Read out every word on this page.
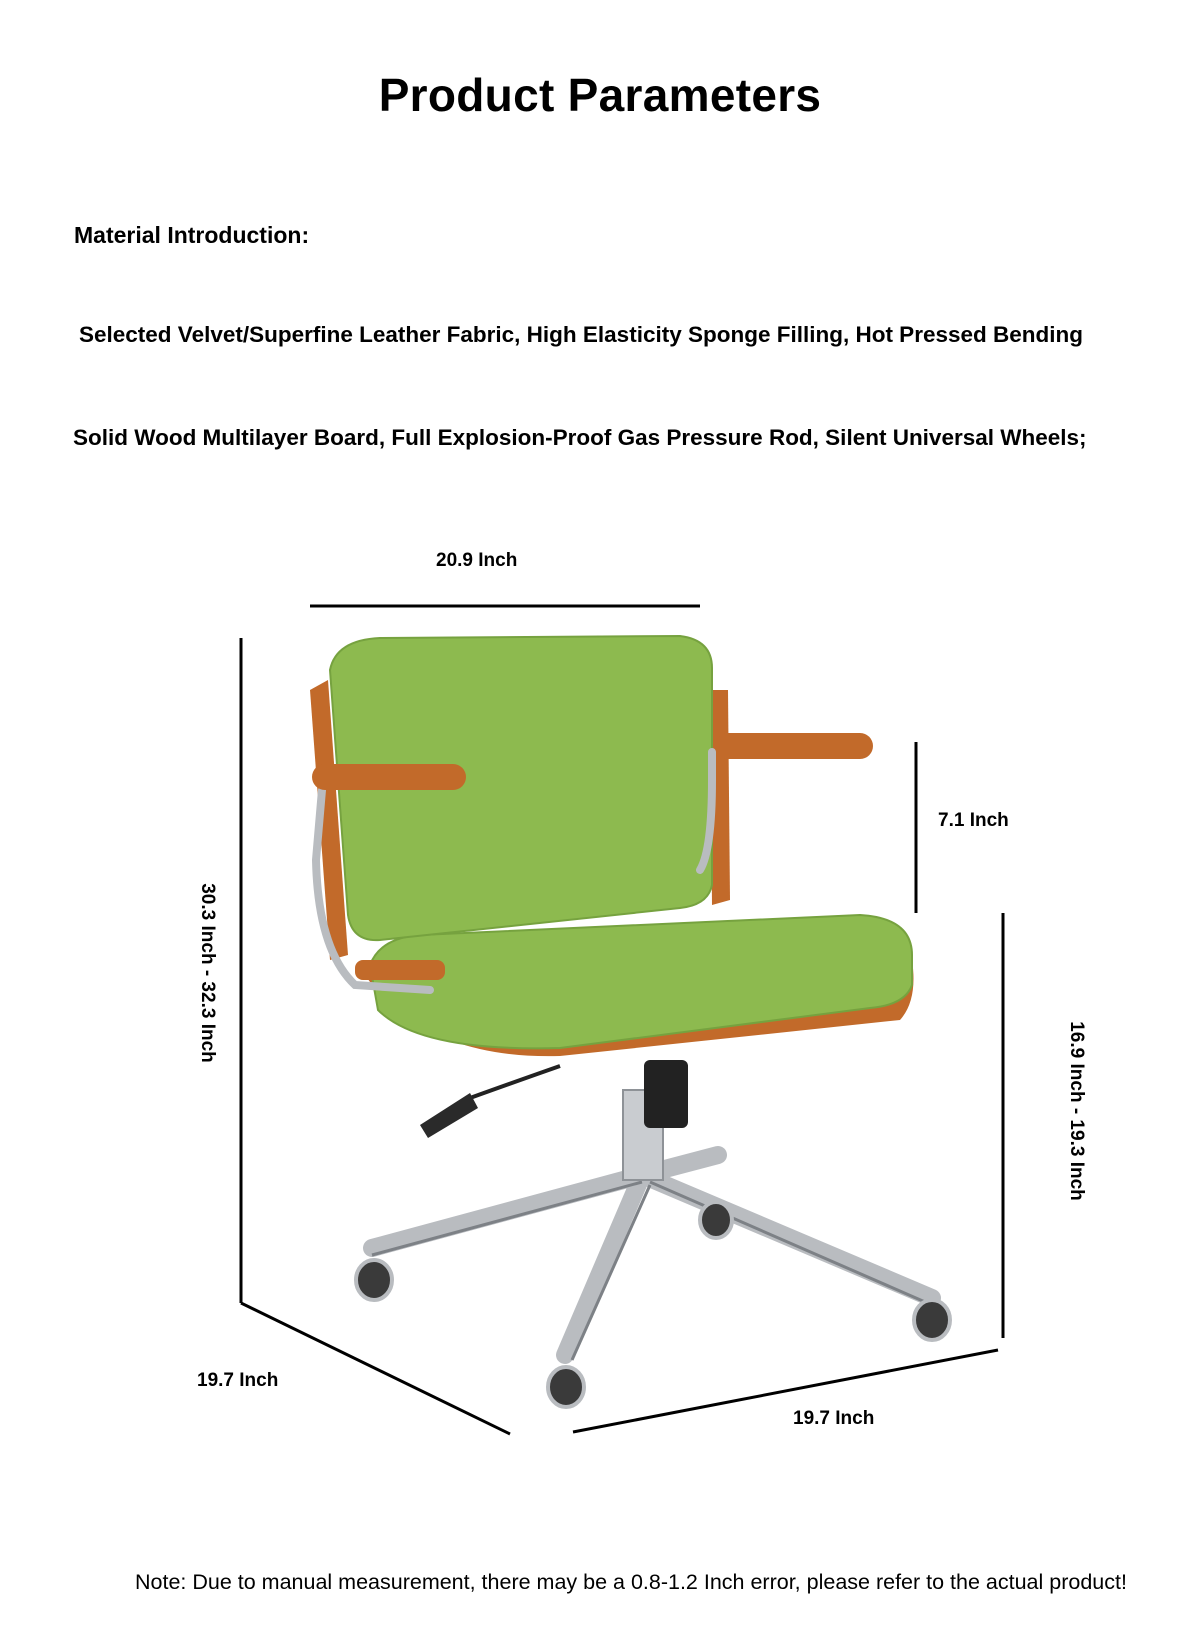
Product Parameters
Material Introduction:
Selected Velvet/Superfine Leather Fabric, High Elasticity Sponge Filling, Hot Pressed Bending
Solid Wood Multilayer Board, Full Explosion-Proof Gas Pressure Rod, Silent Universal Wheels;
20.9 Inch
7.1 Inch
30.3 Inch - 32.3 Inch
16.9 Inch - 19.3 Inch
19.7 Inch
19.7 Inch
Note: Due to manual measurement, there may be a 0.8-1.2 Inch error, please refer to the actual product!
